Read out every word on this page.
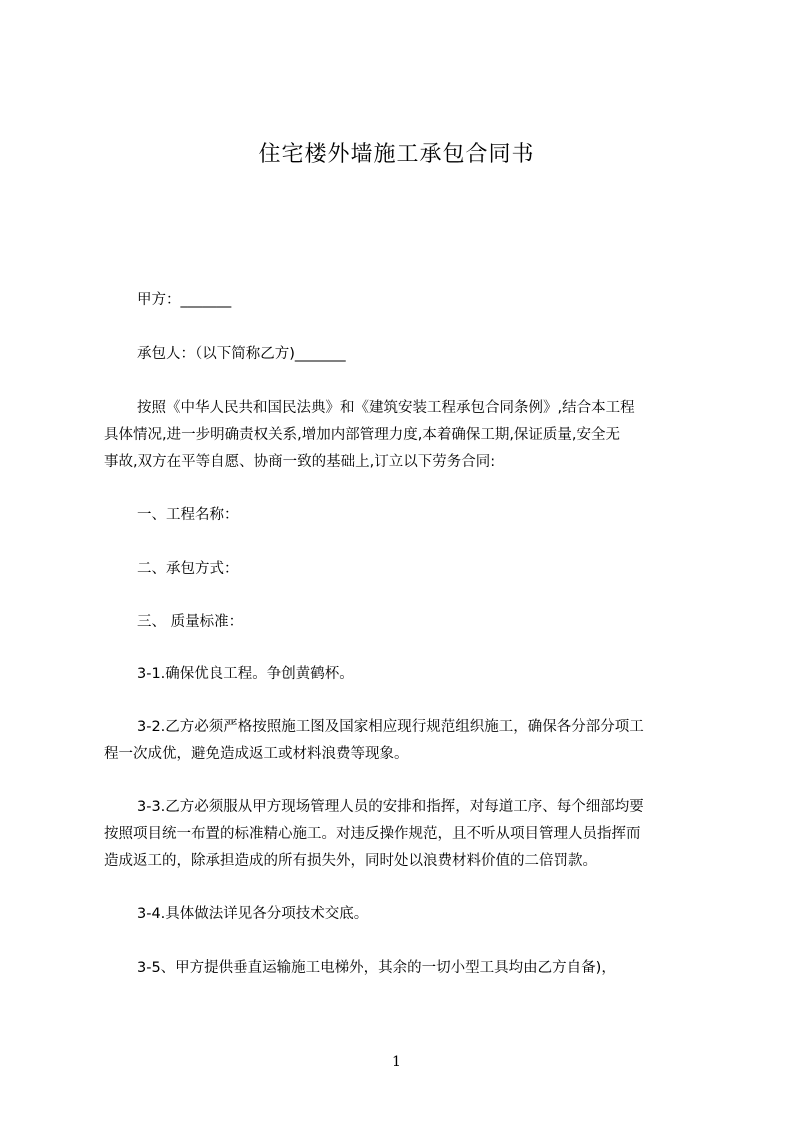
住宅楼外墙施工承包合同书

甲方：_______

承包人：（以下简称乙方)_______

按照《中华人民共和国民法典》和《建筑安装工程承包合同条例》,结合本工程
具体情况,进一步明确责权关系,增加内部管理力度,本着确保工期,保证质量,安全无
事故,双方在平等自愿、协商一致的基础上,订立以下劳务合同:

一、工程名称：

二、承包方式：

三、 质量标准：

3-1.确保优良工程。争创黄鹤杯。

3-2.乙方必须严格按照施工图及国家相应现行规范组织施工，确保各分部分项工
程一次成优，避免造成返工或材料浪费等现象。
3-3.乙方必须服从甲方现场管理人员的安排和指挥，对每道工序、每个细部均要
按照项目统一布置的标准精心施工。对违反操作规范，且不听从项目管理人员指挥而
造成返工的，除承担造成的所有损失外，同时处以浪费材料价值的二倍罚款。

3-4.具体做法详见各分项技术交底。

3-5、甲方提供垂直运输施工电梯外，其余的一切小型工具均由乙方自备)，

1
